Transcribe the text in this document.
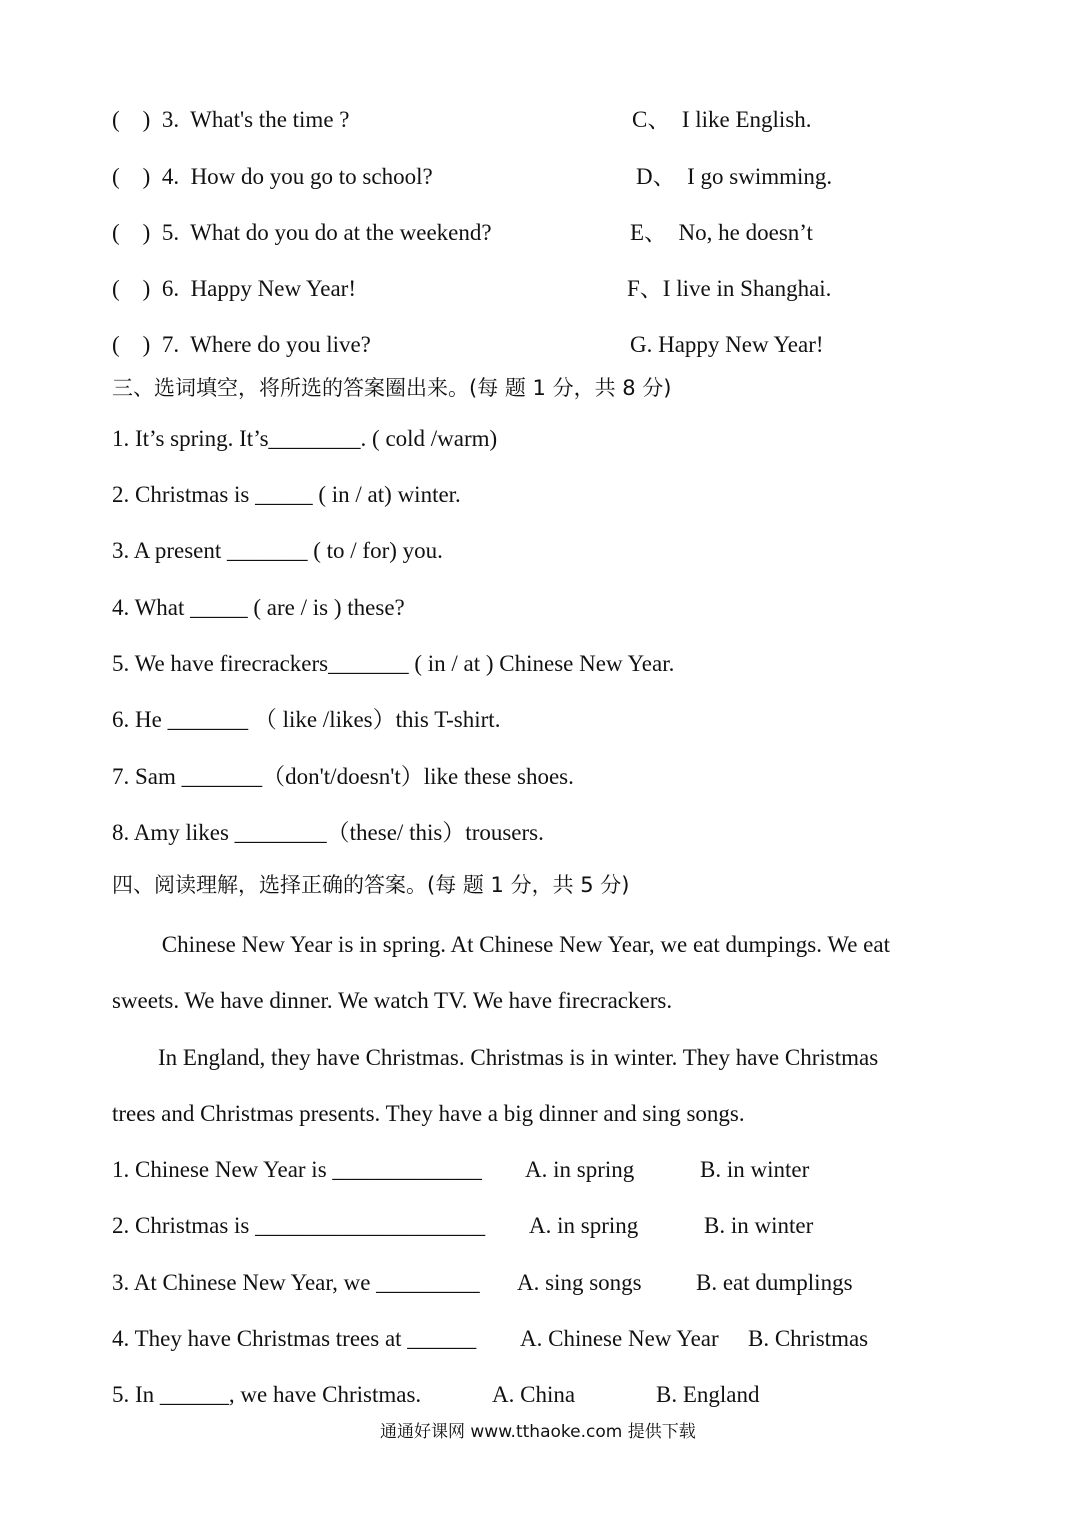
(    )  3.  What's the time ?	C、  I like English.
(    )  4.  How do you go to school?	D、  I go swimming.
(    )  5.  What do you do at the weekend?	E、  No, he doesn’t
(    )  6.  Happy New Year!	F、I live in Shanghai.
(    )  7.  Where do you live?	G. Happy New Year!
三、选词填空，将所选的答案圈出来。(每 题 1 分，共 8 分)
1. It’s spring. It’s________. ( cold /warm)
2. Christmas is _____ ( in / at) winter.
3. A present _______ ( to / for) you.
4. What _____ ( are / is ) these?
5. We have firecrackers_______ ( in / at ) Chinese New Year.
6. He _______ （ like /likes）this T-shirt.
7. Sam _______（don't/doesn't）like these shoes.
8. Amy likes ________（these/ this）trousers.
四、阅读理解，选择正确的答案。(每 题 1 分，共 5 分)
Chinese New Year is in spring. At Chinese New Year, we eat dumpings. We eat
sweets. We have dinner. We watch TV. We have firecrackers.
In England, they have Christmas. Christmas is in winter. They have Christmas
trees and Christmas presents. They have a big dinner and sing songs.
1. Chinese New Year is _____________ A. in spring	B. in winter
2. Christmas is ____________________ A. in spring	B. in winter
3. At Chinese New Year, we _________ A. sing songs B. eat dumplings
4. They have Christmas trees at ______ A. Chinese New Year B. Christmas
5. In ______, we have Christmas.	A. China	B. England
通通好课网 www.tthaoke.com 提供下载
